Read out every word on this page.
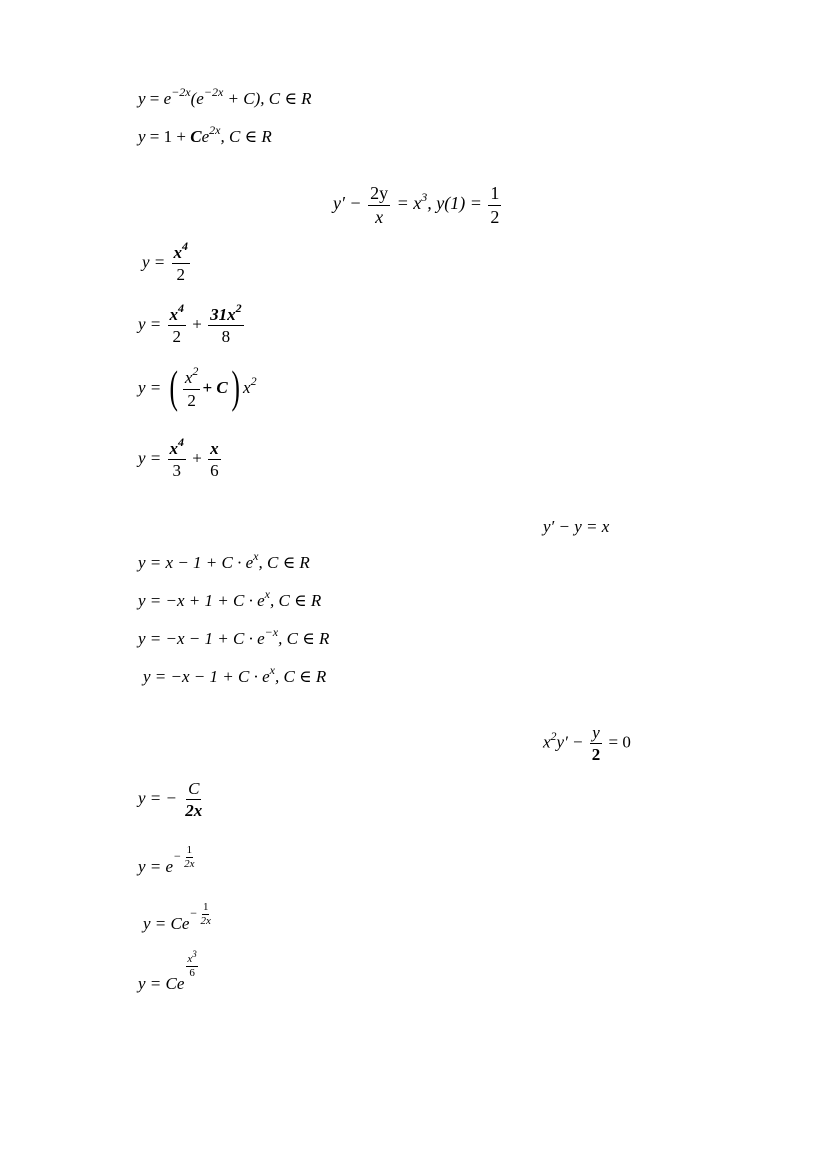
$y = e^{-2x}(e^{-2x} + C)$, C ∈ R
$y = 1 + Ce^{2x}$, C ∈ R
$y' - \frac{2y}{x} = x^3$, $y(1) = \frac{1}{2}$
$y = \frac{x^4}{2}$
$y = \frac{x^4}{2} + \frac{31x^2}{8}$
y = ( $\frac{x^2}{2} + C$) $x^2$
$y = \frac{x^4}{3} + \frac{x}{6}$
y′ − y = x
$y = x - 1 + C \cdot e^x$, C ∈ R
$y = -x + 1 + C \cdot e^x$, C ∈ R
$y = -x - 1 + C \cdot e^{-x}$, C ∈ R
$y = -x - 1 + C \cdot e^x$, C ∈ R
$x^2y' - \frac{y}{2} = 0$
y = − $\frac{C}{2x}$
$y = e- \frac{1}{2x}$
$y = Ce- \frac{1}{2x}$
y = Ce
$\frac{x^3}{6}$
